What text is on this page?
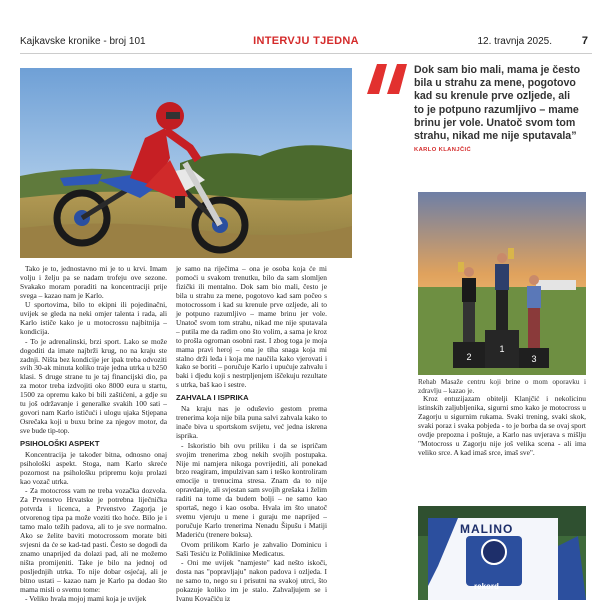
Kajkavske kronike - broj 101	INTERVJU TJEDNA	12. travnja 2025.	7

Tako je to, jednostavno mi je to u krvi. Imam volju i želju pa se nadam trofeju ove sezone. Svakako moram poraditi na koncentraciji prije svega – kazao nam je Karlo.

U sportovima, bilo to ekipni ili pojedinačni, uvijek se gleda na neki omjer talenta i rada, ali Karlo ističe kako je u motocrossu najbitnija – kondicija.

- To je adrenalinski, brzi sport. Lako se može dogoditi da imate najbrži krug, no na kraju ste zadnji. Ništa bez kondicije jer ipak treba odvoziti svih 30-ak minuta koliko traje jedna utrka u b250 klasi. S druge strane tu je taj financijski dio, pa za motor treba izdvojiti oko 8000 eura u startu, 1500 za opremu kako bi bili zaštićeni, a gdje su tu još održavanje i generalke svakih 100 sati – govori nam Karlo ističući i ulogu ujaka Stjepana Osrečaka koji u buxu brine za njegov motor, da sve bude tip-top.

PSIHOLOŠKI ASPEKT

Koncentracija je također bitna, odnosno onaj psihološki aspekt. Stoga, nam Karlo skreće pozornost na psihološku pripremu koju prolazi kao vozač utrka.

- Za motocross vam ne treba vozačka dozvola. Za Prvenstvo Hrvatske je potrebna liječnička potvrda i licenca, a Prvenstvo Zagorja je otvorenog tipa pa može voziti tko hoće. Bilo je i tamo malo težih padova, ali to je sve normalno. Ako se želite baviti motocrossom morate biti svjesni da će se kad-tad pasti. Često se dogodi da znamo unaprijed da dolazi pad, ali ne možemo ništa promijeniti. Take je bilo na jednoj od posljednjih utrka. To nije dobar osjećaj, ali je bitno ustati – kazao nam je Karlo pa dodao što mama misli o svemu tome:

- Veliko hvala mojoj mami koja je uvijek

je samo na riječima – ona je osoba koja će mi pomoći u svakom trenutku, bilo da sam slomljen fizički ili mentalno. Dok sam bio mali, često je bila u strahu za mene, pogotovo kad sam počeo s motocrossom i kad su krenule prve ozljede, ali to je potpuno razumljivo – mame brinu jer vole. Unatoč svom tom strahu, nikad me nije sputavala – putila me da radim ono što volim, a sama je kroz to prošla ogroman osobni rast. I zbog toga je moja mama pravi heroj – ona je tiha snaga koja mi stalno drži leđa i koja me naučila kako vjerovati i kako se boriti – poručuje Karlo i upućuje zahvalu i baki i djedu koji s nestrpljenjem iščekuju rezultate s utrka, baš kao i sestre.

ZAHVALA I ISPRIKA

Na kraju nas je oduševio gestom prema trenerima koja nije bila puna salvi zahvala kako to inače biva u sportskom svijetu, već jedna iskrena isprika.

- Iskoristio bih ovu priliku i da se ispričam svojim trenerima zbog nekih svojih postupaka. Nije mi namjera nikoga povrijediti, ali ponekad brzo reagiram, impulzivan sam i teško kontroliram emocije u trenucima stresa. Znam da to nije opravdanje, ali svjestan sam svojih grešaka i želim raditi na tome da budem bolji – ne samo kao sportaš, nego i kao osoba. Hvala im što unatoč svemu vjeruju u mene i guraju me naprijed – poručuje Karlo trenerima Nenadu Šipušu i Matiji Maderiću (trenere boksa).

Ovom prilikom Karlo je zahvalio Dominicu i Saši Tesiću iz Polikliniке Medicatus.

- Oni me uvijek "namjeste" kad nešto iskoči, dosta nas "popravljaju" nakon padova i ozljeda. I ne samo to, nego su i prisutni na svakoj utrci, što pokazuje koliko im je stalo. Zahvaljujem se i Ivanu Kovačiću iz

Dok sam bio mali, mama je često bila u strahu za mene, pogotovo kad su krenule prve ozljede, ali to je potpuno razumljivo – mame brinu jer vole. Unatoč svom tom strahu, nikad me nije sputavala”
KARLO KLANJČIĆ
2
1
3
Rehab Masaže centru koji brine o mom oporavku i zdravlju – kazao je.

Kroz entuzijazam obitelji Klanjčić i nekolicinu istinskih zaljubljenika, sigurni smo kako je motocross u Zagorju u sigurnim rukama. Svaki trening, svaki skok, svaki poraz i svaka pobjeda - to je borba da se ovaj sport ovdje prepozna i poštuje, a Karlo nas uvjerava s mišlju "Motocross u Zagorju nije još velika scena - ali ima veliko srce. A kad imaš srce, imaš sve".

MALINO
rekord
